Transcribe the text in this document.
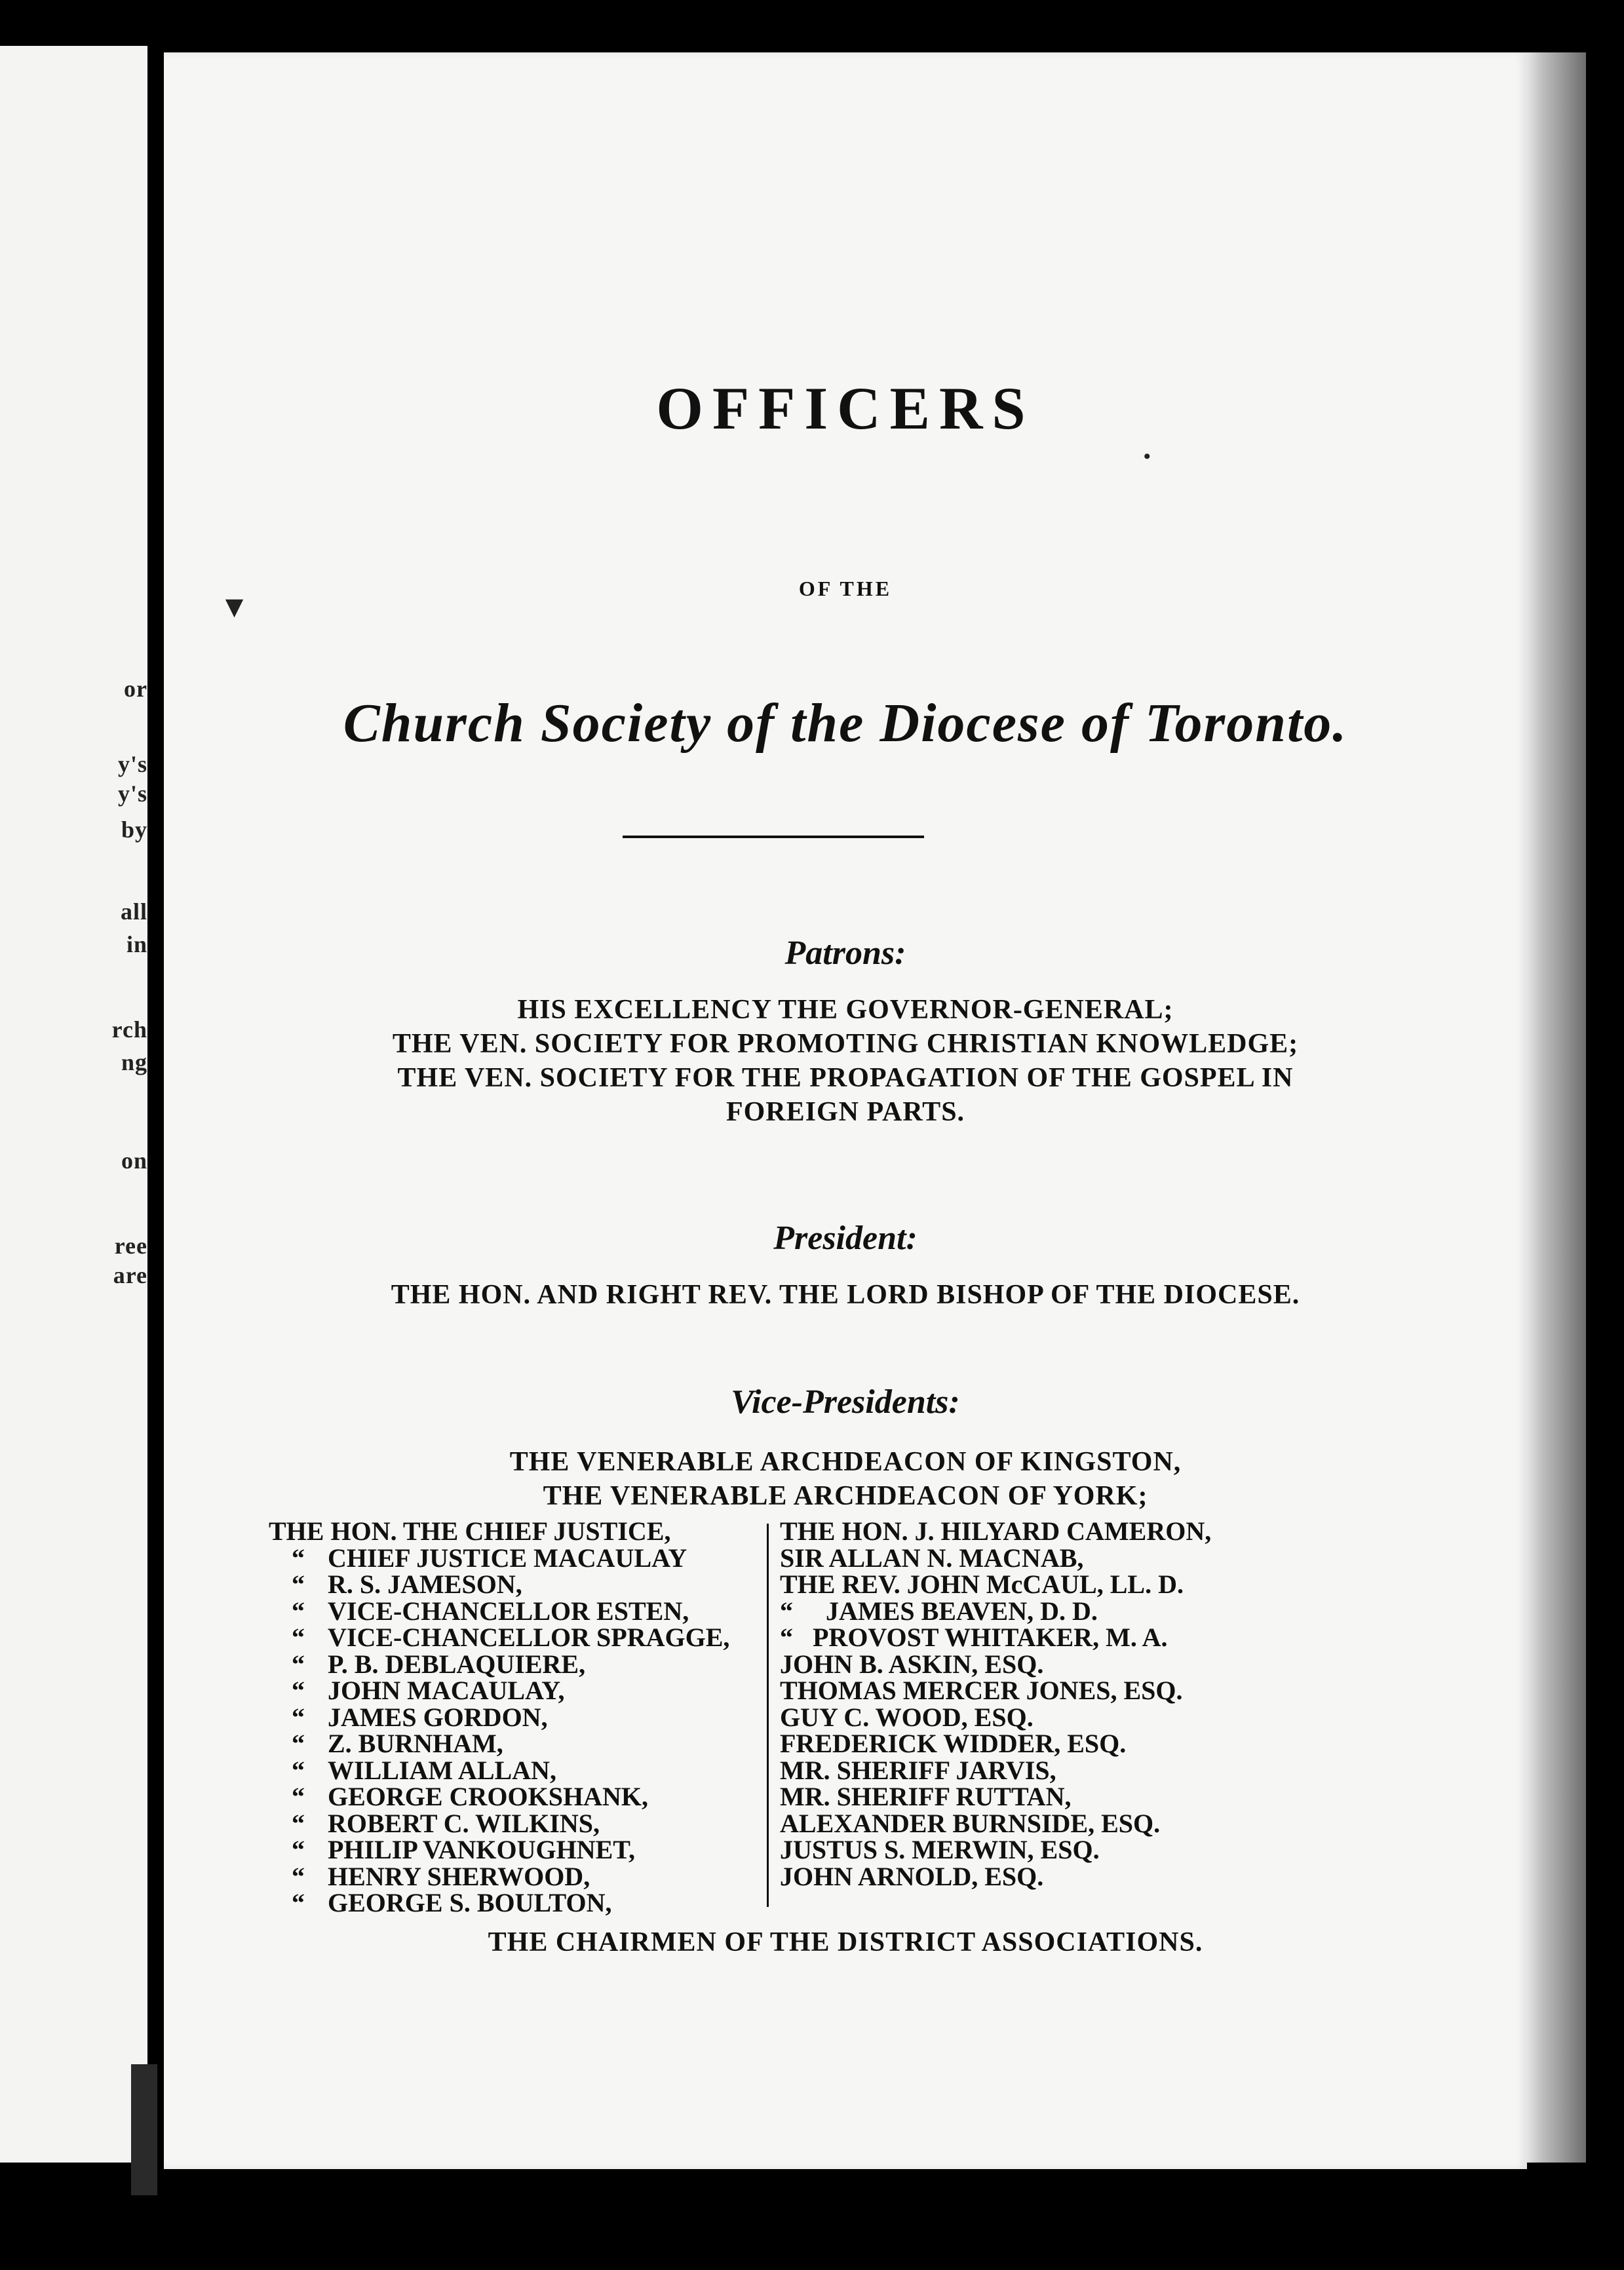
or
y's
y's
by
all
in
rch
ng
on
ree
are
▾
•
OFFICERS
OF THE
Church Society of the Diocese of Toronto.
Patrons:
HIS EXCELLENCY THE GOVERNOR-GENERAL;
THE VEN. SOCIETY FOR PROMOTING CHRISTIAN KNOWLEDGE;
THE VEN. SOCIETY FOR THE PROPAGATION OF THE GOSPEL IN
FOREIGN PARTS.
President:
THE HON. AND RIGHT REV. THE LORD BISHOP OF THE DIOCESE.
Vice-Presidents:
THE VENERABLE ARCHDEACON OF KINGSTON,
THE VENERABLE ARCHDEACON OF YORK;
THE HON. THE CHIEF JUSTICE,
“ CHIEF JUSTICE MACAULAY
“ R. S. JAMESON,
“ VICE-CHANCELLOR ESTEN,
“ VICE-CHANCELLOR SPRAGGE,
“ P. B. DEBLAQUIERE,
“ JOHN MACAULAY,
“ JAMES GORDON,
“ Z. BURNHAM,
“ WILLIAM ALLAN,
“ GEORGE CROOKSHANK,
“ ROBERT C. WILKINS,
“ PHILIP VANKOUGHNET,
“ HENRY SHERWOOD,
“ GEORGE S. BOULTON,
THE HON. J. HILYARD CAMERON,
SIR ALLAN N. MACNAB,
THE REV. JOHN McCAUL, LL. D.
“     JAMES BEAVEN, D. D.
“   PROVOST WHITAKER, M. A.
JOHN B. ASKIN, ESQ.
THOMAS MERCER JONES, ESQ.
GUY C. WOOD, ESQ.
FREDERICK WIDDER, ESQ.
MR. SHERIFF JARVIS,
MR. SHERIFF RUTTAN,
ALEXANDER BURNSIDE, ESQ.
JUSTUS S. MERWIN, ESQ.
JOHN ARNOLD, ESQ.
THE CHAIRMEN OF THE DISTRICT ASSOCIATIONS.
